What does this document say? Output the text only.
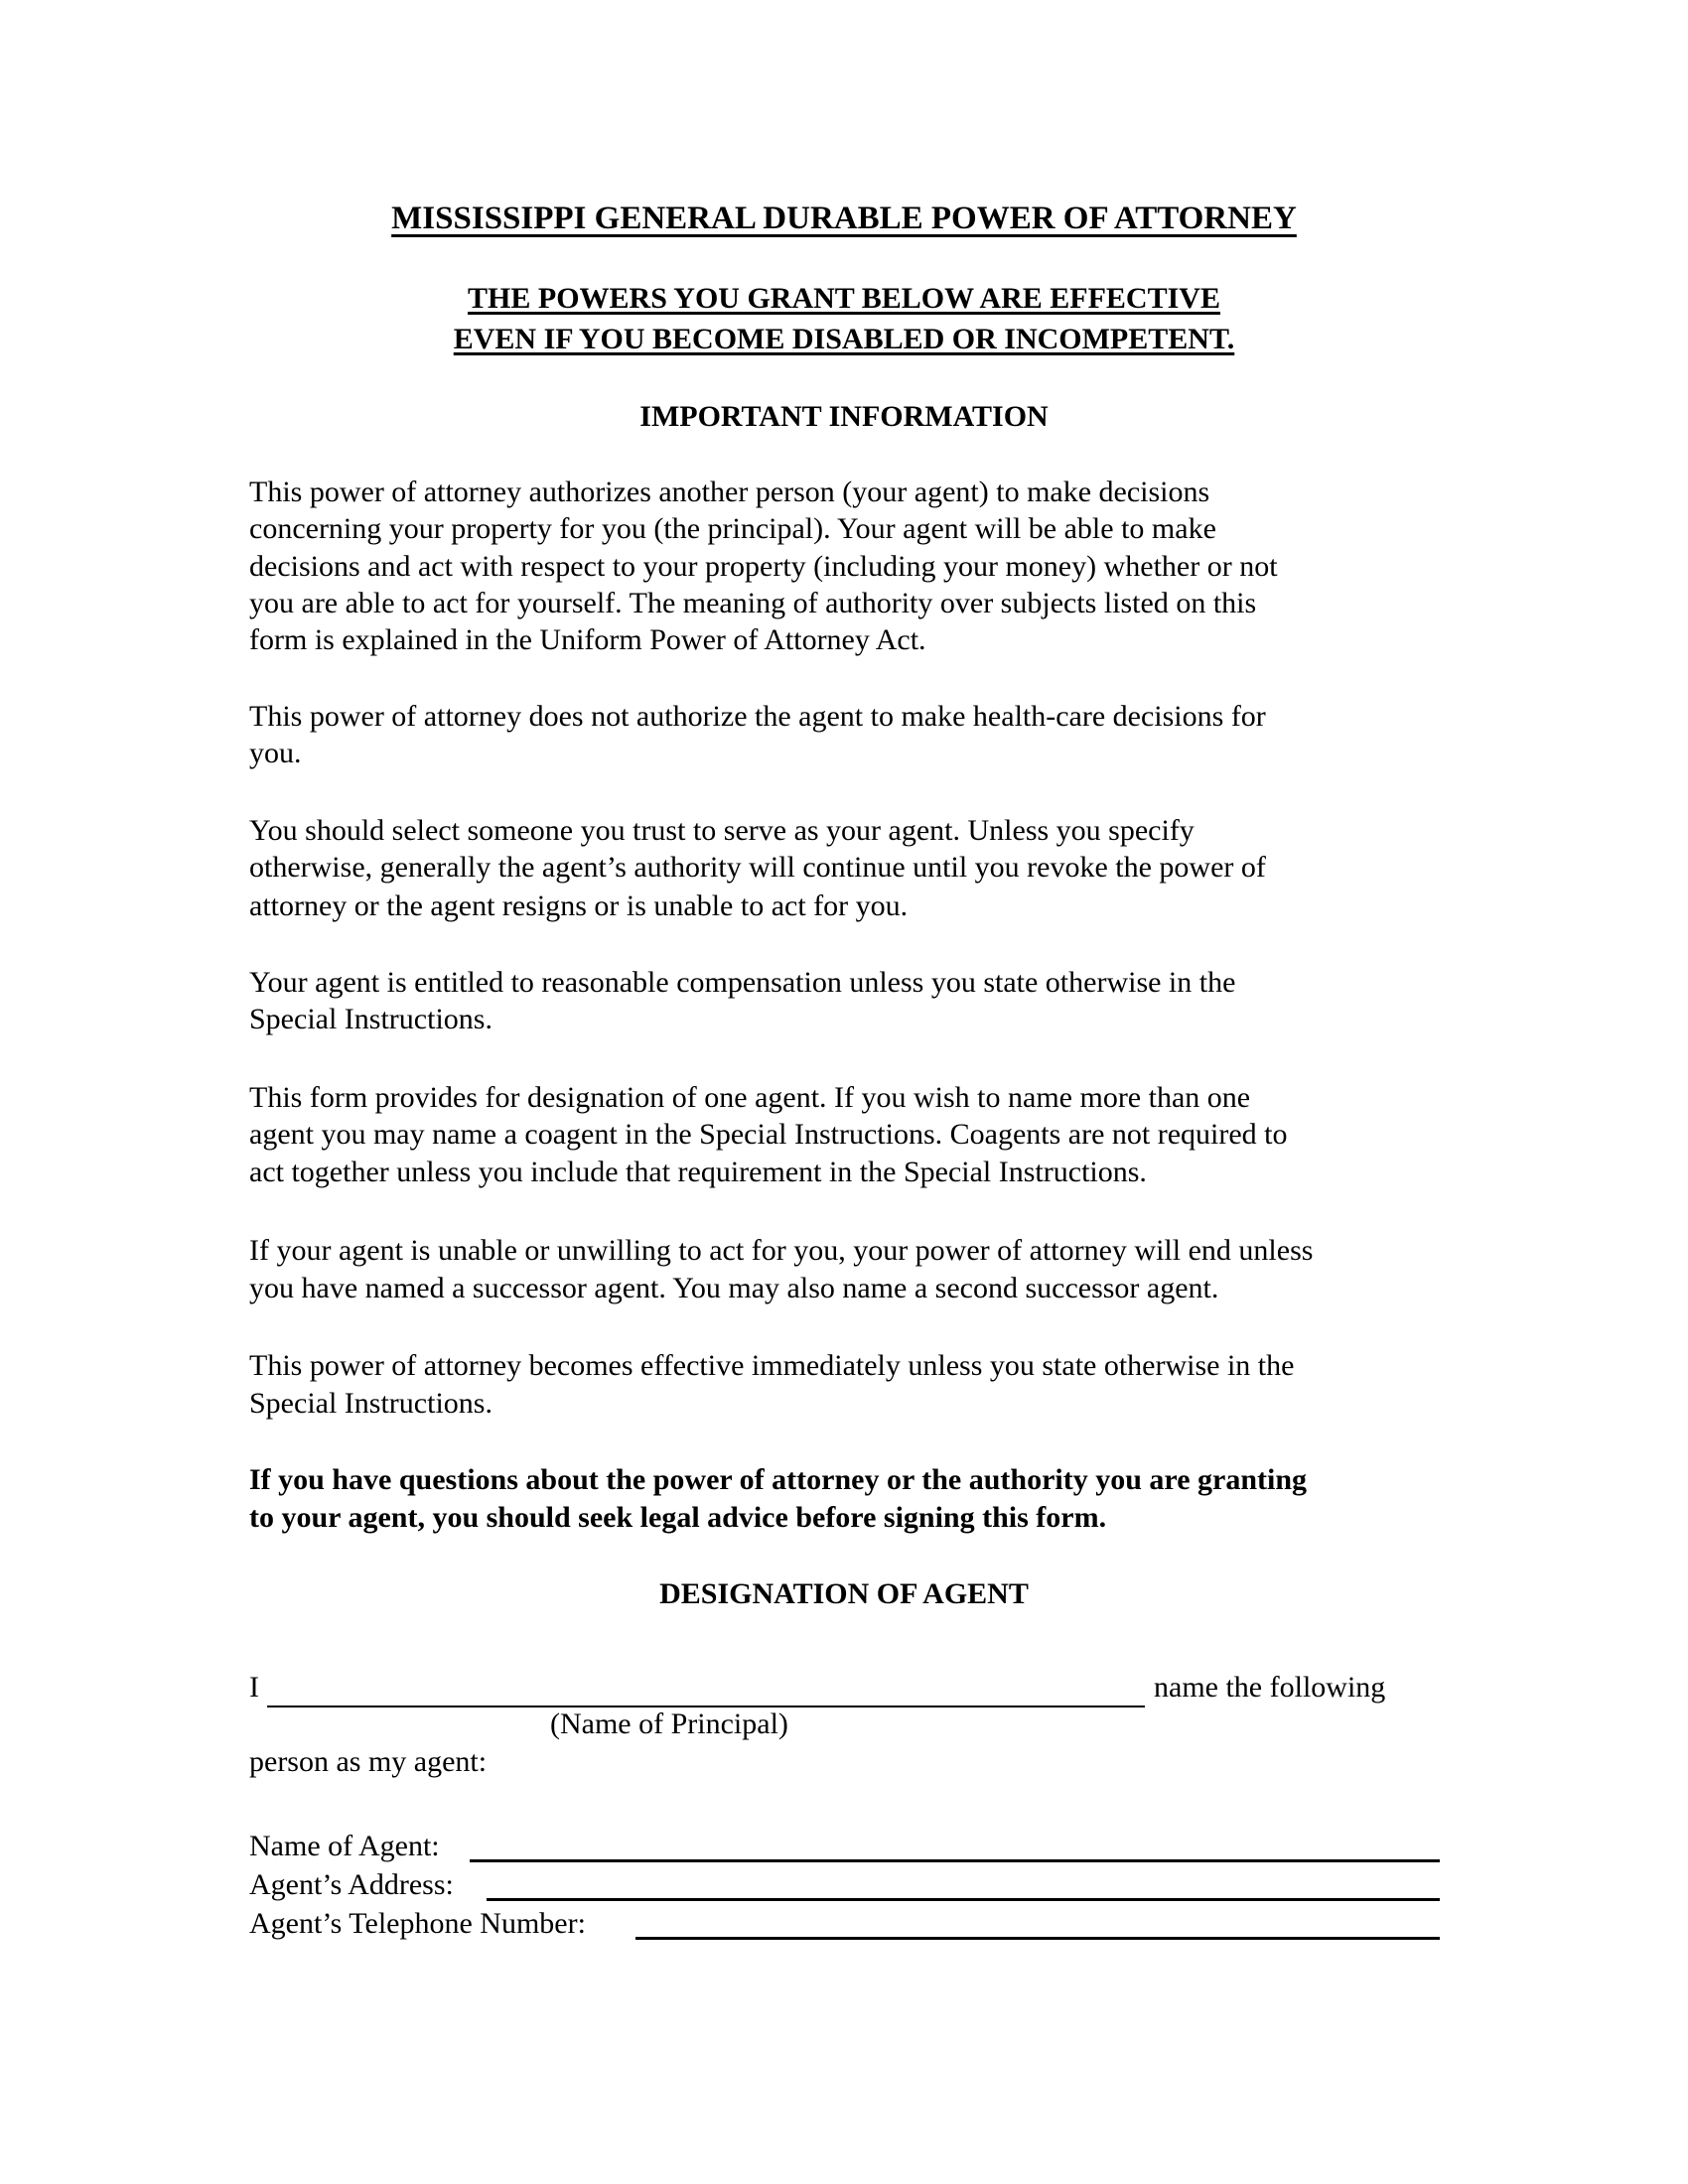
MISSISSIPPI GENERAL DURABLE POWER OF ATTORNEY
THE POWERS YOU GRANT BELOW ARE EFFECTIVE
EVEN IF YOU BECOME DISABLED OR INCOMPETENT.
IMPORTANT INFORMATION
This power of attorney authorizes another person (your agent) to make decisions
concerning your property for you (the principal). Your agent will be able to make
decisions and act with respect to your property (including your money) whether or not
you are able to act for yourself. The meaning of authority over subjects listed on this
form is explained in the Uniform Power of Attorney Act.
This power of attorney does not authorize the agent to make health-care decisions for
you.
You should select someone you trust to serve as your agent. Unless you specify
otherwise, generally the agent’s authority will continue until you revoke the power of
attorney or the agent resigns or is unable to act for you.
Your agent is entitled to reasonable compensation unless you state otherwise in the
Special Instructions.
This form provides for designation of one agent. If you wish to name more than one
agent you may name a coagent in the Special Instructions. Coagents are not required to
act together unless you include that requirement in the Special Instructions.
If your agent is unable or unwilling to act for you, your power of attorney will end unless
you have named a successor agent. You may also name a second successor agent.
This power of attorney becomes effective immediately unless you state otherwise in the
Special Instructions.
If you have questions about the power of attorney or the authority you are granting
to your agent, you should seek legal advice before signing this form.
DESIGNATION OF AGENT
I	name the following
(Name of Principal)
person as my agent:
Name of Agent:
Agent’s Address:
Agent’s Telephone Number:
